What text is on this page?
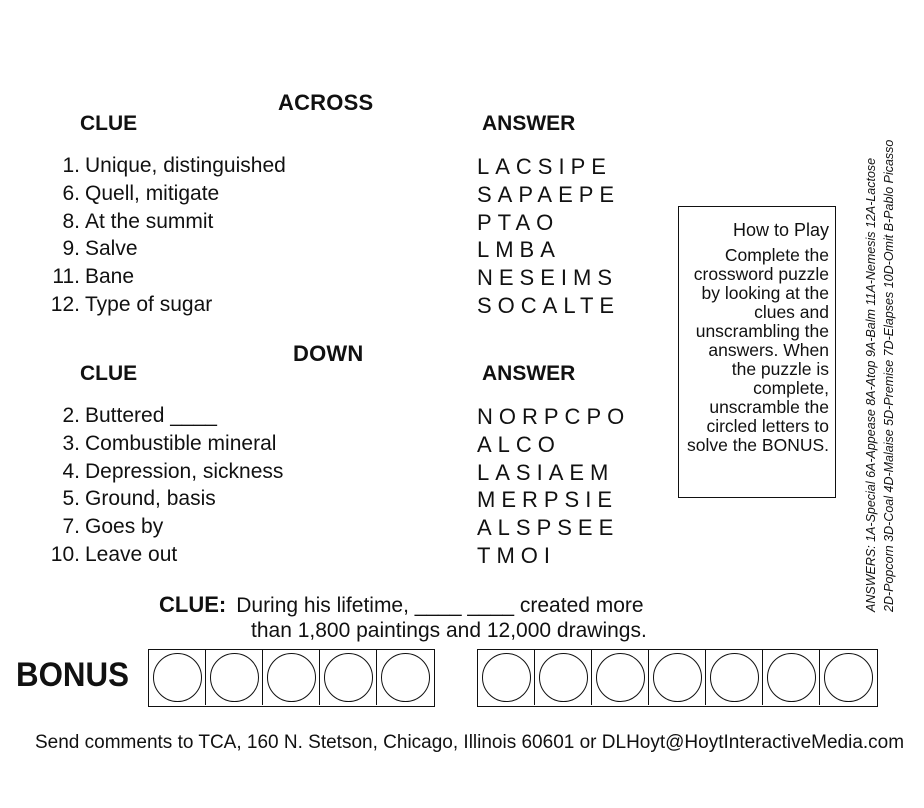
ACROSS
CLUE	ANSWER
1. Unique, distinguished	LACSIPE
6. Quell, mitigate	SAPAEPE
8. At the summit	PTAO
9. Salve	LMBA
11. Bane	NESEIMS
12. Type of sugar	SOCALTE
DOWN
CLUE	ANSWER
2. Buttered ____	NORPCPO
3. Combustible mineral	ALCO
4. Depression, sickness	LASIAEM
5. Ground, basis	MERPSIE
7. Goes by	ALSPSEE
10. Leave out	TMOI
How to Play
Complete the crossword puzzle by looking at the clues and unscrambling the answers. When the puzzle is complete, unscramble the circled letters to solve the BONUS.	ANSWERS: 1A-Special 6A-Appease 8A-Atop 9A-Balm 11A-Nemesis 12A-Lactose 2D-Popcorn 3D-Coal 4D-Malaise 5D-Premise 7D-Elapses 10D-Omit B-Pablo Picasso
CLUE: During his lifetime, ____ ____ created more
than 1,800 paintings and 12,000 drawings.
BONUS
Send comments to TCA, 160 N. Stetson, Chicago, Illinois 60601 or DLHoyt@HoytInteractiveMedia.com
